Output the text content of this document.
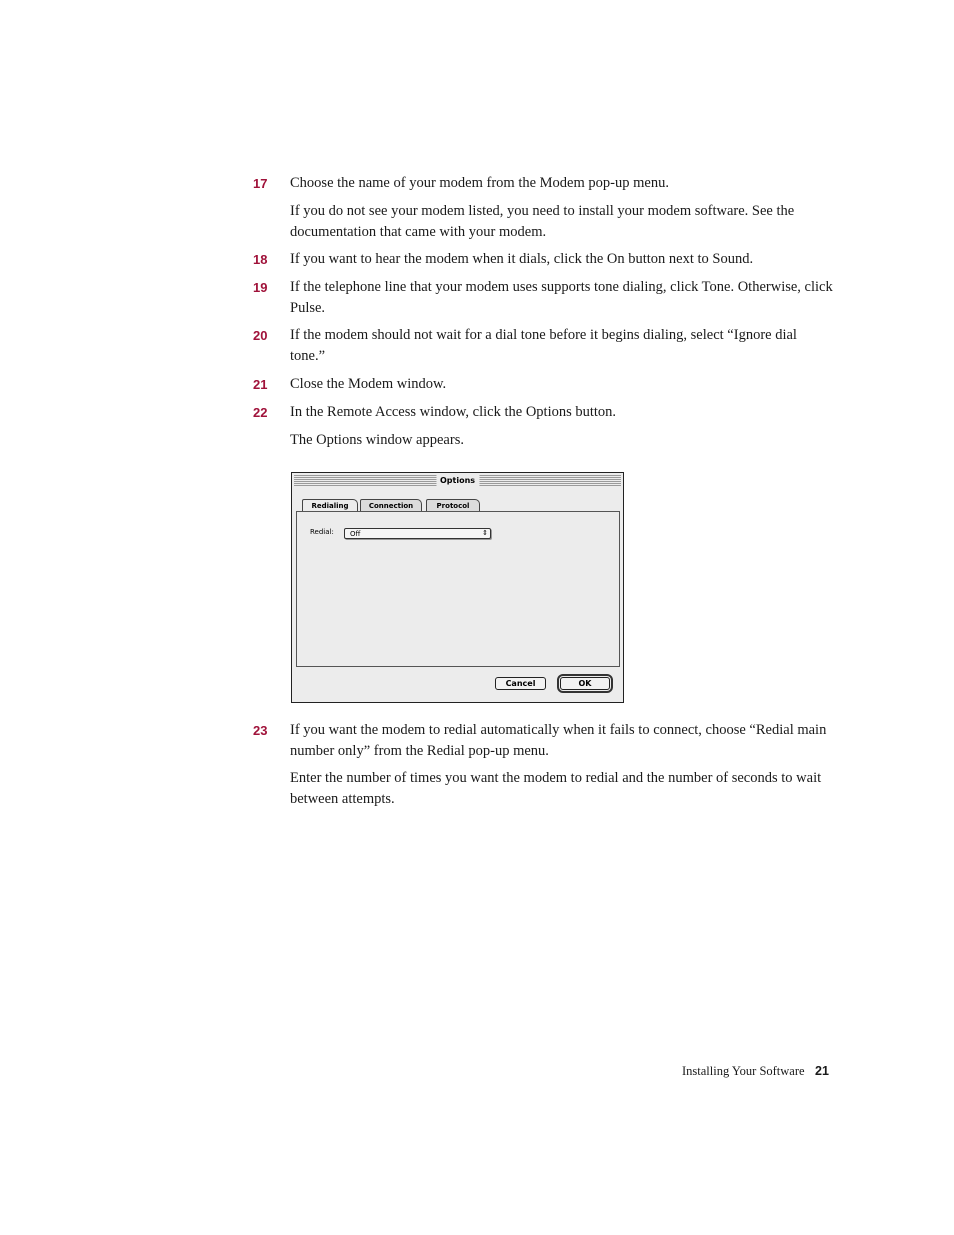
17	Choose the name of your modem from the Modem pop-up menu.
If you do not see your modem listed, you need to install your modem software. See the documentation that came with your modem.
18	If you want to hear the modem when it dials, click the On button next to Sound.
19	If the telephone line that your modem uses supports tone dialing, click Tone. Otherwise, click Pulse.
20	If the modem should not wait for a dial tone before it begins dialing, select “Ignore dial tone.”
21	Close the Modem window.
22	In the Remote Access window, click the Options button.
The Options window appears.
Options
Redialing	Connection	Protocol
Redial: Off	⇕
Cancel	OK
23	If you want the modem to redial automatically when it fails to connect, choose “Redial main number only” from the Redial pop-up menu.
Enter the number of times you want the modem to redial and the number of seconds to wait between attempts.
Installing Your Software 21
